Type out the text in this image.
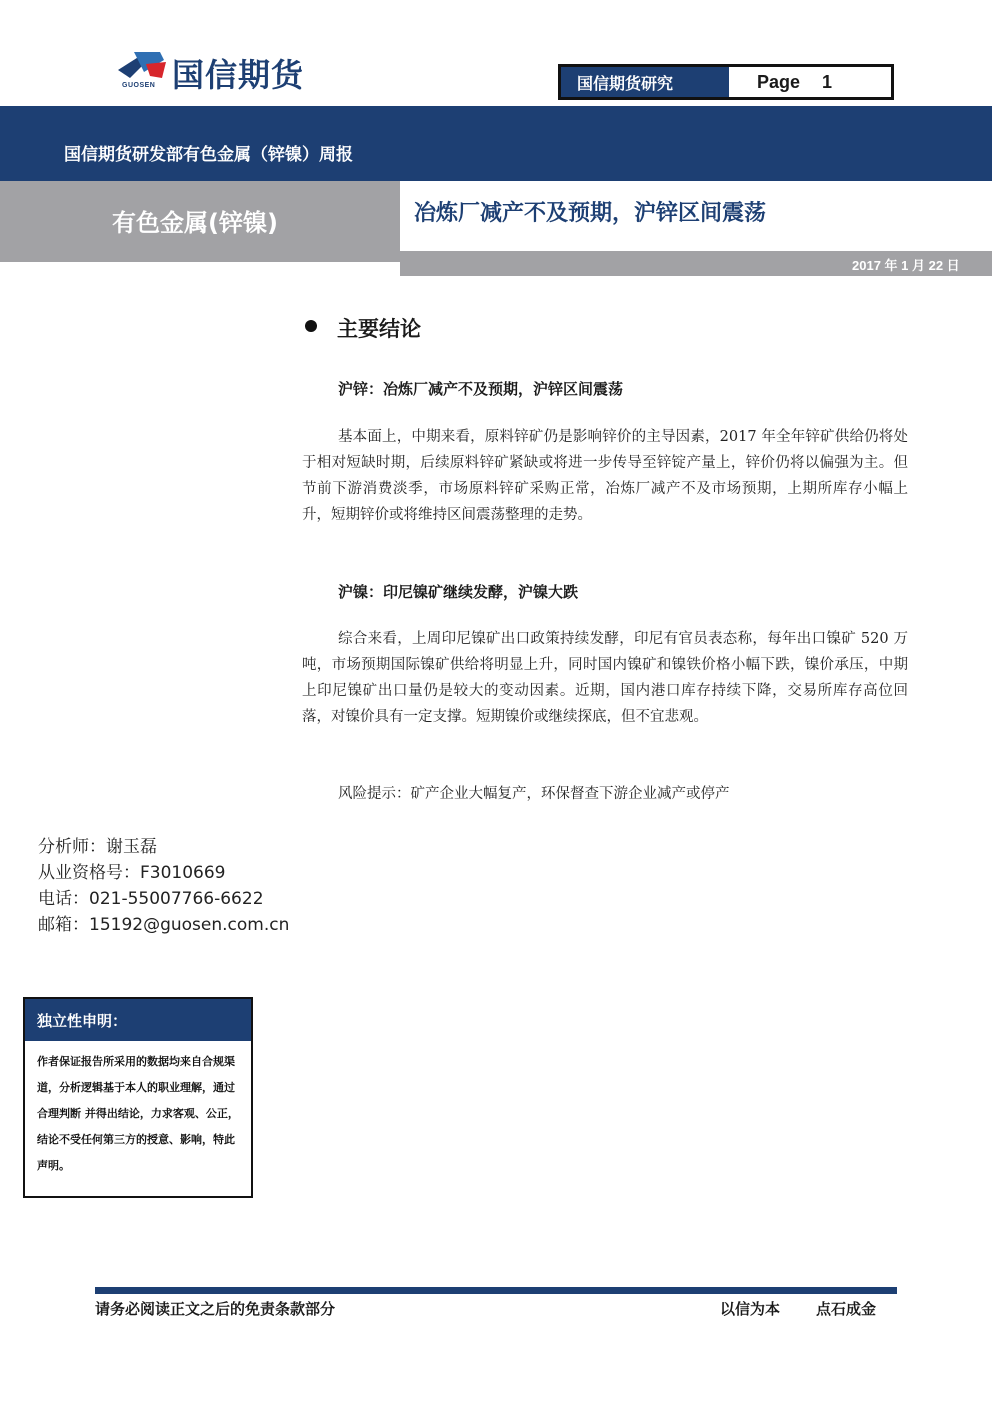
GUOSEN 国信期货	国信期货研究	Page 1
国信期货研发部有色金属（锌镍）周报
有色金属(锌镍)	冶炼厂减产不及预期，沪锌区间震荡
2017 年 1 月 22 日
主要结论
沪锌：冶炼厂减产不及预期，沪锌区间震荡
基本面上，中期来看，原料锌矿仍是影响锌价的主导因素，2017 年全年锌矿供给仍将处于相对短缺时期，后续原料锌矿紧缺或将进一步传导至锌锭产量上，锌价仍将以偏强为主。但节前下游消费淡季，市场原料锌矿采购正常，冶炼厂减产不及市场预期，上期所库存小幅上升，短期锌价或将维持区间震荡整理的走势。
沪镍：印尼镍矿继续发酵，沪镍大跌
综合来看，上周印尼镍矿出口政策持续发酵，印尼有官员表态称，每年出口镍矿 520 万吨，市场预期国际镍矿供给将明显上升，同时国内镍矿和镍铁价格小幅下跌，镍价承压，中期上印尼镍矿出口量仍是较大的变动因素。近期，国内港口库存持续下降，交易所库存高位回落，对镍价具有一定支撑。短期镍价或继续探底，但不宜悲观。
风险提示：矿产企业大幅复产，环保督查下游企业减产或停产
分析师：谢玉磊
从业资格号：F3010669
电话：021-55007766-6622
邮箱：15192@guosen.com.cn
独立性申明：
作者保证报告所采用的数据均来自合规渠道，分析逻辑基于本人的职业理解，通过合理判断 并得出结论，力求客观、公正，结论不受任何第三方的授意、影响，特此声明。
请务必阅读正文之后的免责条款部分	以信为本 点石成金
